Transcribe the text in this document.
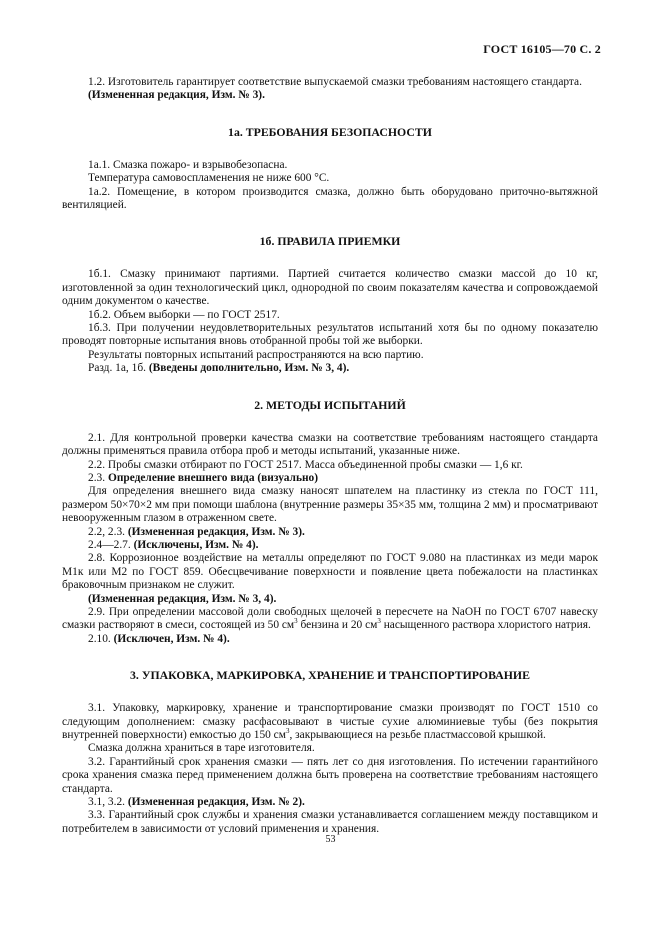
ГОСТ 16105—70 С. 2

1.2. Изготовитель гарантирует соответствие выпускаемой смазки требованиям настоящего стандарта.

(Измененная редакция, Изм. № 3).

1а. ТРЕБОВАНИЯ БЕЗОПАСНОСТИ

1а.1. Смазка пожаро- и взрывобезопасна.

Температура самовоспламенения не ниже 600 °С.

1а.2. Помещение, в котором производится смазка, должно быть оборудовано приточно-вытяжной вентиляцией.

1б. ПРАВИЛА ПРИЕМКИ

1б.1. Смазку принимают партиями. Партией считается количество смазки массой до 10 кг, изготовленной за один технологический цикл, однородной по своим показателям качества и сопровождаемой одним документом о качестве.

1б.2. Объем выборки — по ГОСТ 2517.

1б.3. При получении неудовлетворительных результатов испытаний хотя бы по одному показателю проводят повторные испытания вновь отобранной пробы той же выборки.

Результаты повторных испытаний распространяются на всю партию.

Разд. 1а, 1б. (Введены дополнительно, Изм. № 3, 4).

2. МЕТОДЫ ИСПЫТАНИЙ

2.1. Для контрольной проверки качества смазки на соответствие требованиям настоящего стандарта должны применяться правила отбора проб и методы испытаний, указанные ниже.

2.2. Пробы смазки отбирают по ГОСТ 2517. Масса объединенной пробы смазки — 1,6 кг.

2.3. Определение внешнего вида (визуально)

Для определения внешнего вида смазку наносят шпателем на пластинку из стекла по ГОСТ 111, размером 50×70×2 мм при помощи шаблона (внутренние размеры 35×35 мм, толщина 2 мм) и просматривают невооруженным глазом в отраженном свете.

2.2, 2.3. (Измененная редакция, Изм. № 3).

2.4—2.7. (Исключены, Изм. № 4).

2.8. Коррозионное воздействие на металлы определяют по ГОСТ 9.080 на пластинках из меди марок М1к или М2 по ГОСТ 859. Обесцвечивание поверхности и появление цвета побежалости на пластинках браковочным признаком не служит.

(Измененная редакция, Изм. № 3, 4).

2.9. При определении массовой доли свободных щелочей в пересчете на NaOH по ГОСТ 6707 навеску смазки растворяют в смеси, состоящей из 50 $см^3$ бензина и 20 $см^3$ насыщенного раствора хлористого натрия.

2.10. (Исключен, Изм. № 4).

3. УПАКОВКА, МАРКИРОВКА, ХРАНЕНИЕ И ТРАНСПОРТИРОВАНИЕ

3.1. Упаковку, маркировку, хранение и транспортирование смазки производят по ГОСТ 1510 со следующим дополнением: смазку расфасовывают в чистые сухие алюминиевые тубы (без покрытия внутренней поверхности) емкостью до 150 $см^3$, закрывающиеся на резьбе пластмассовой крышкой.

Смазка должна храниться в таре изготовителя.

3.2. Гарантийный срок хранения смазки — пять лет со дня изготовления. По истечении гарантийного срока хранения смазка перед применением должна быть проверена на соответствие требованиям настоящего стандарта.

3.1, 3.2. (Измененная редакция, Изм. № 2).

3.3. Гарантийный срок службы и хранения смазки устанавливается соглашением между поставщиком и потребителем в зависимости от условий применения и хранения.

53
